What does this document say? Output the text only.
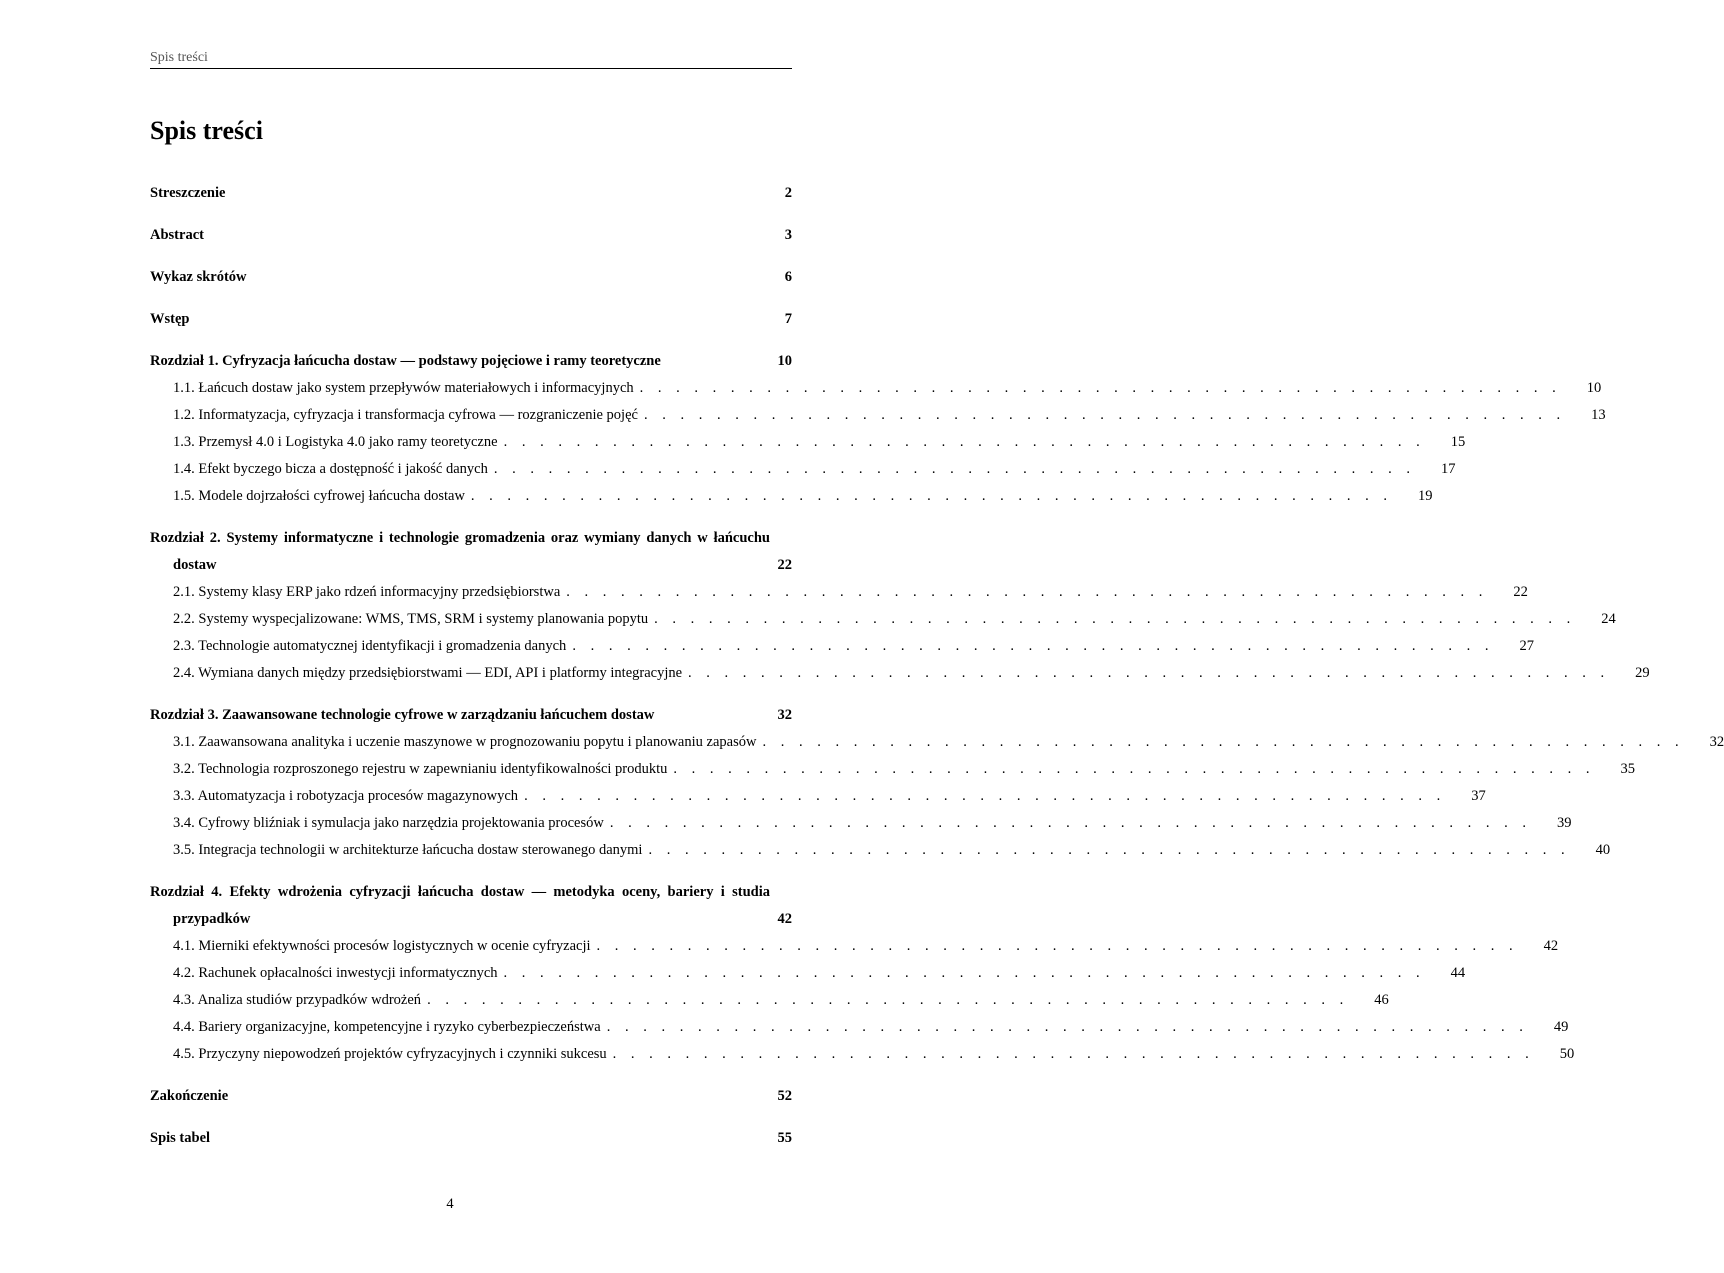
Spis treści
Spis treści
Streszczenie	2
Abstract	3
Wykaz skrótów	6
Wstęp	7
Rozdział 1. Cyfryzacja łańcucha dostaw — podstawy pojęciowe i ramy teoretyczne	10
1.1. Łańcuch dostaw jako system przepływów materiałowych i informacyjnych . . . . . . . . . . . . . . . . . . . . . . . . . . . . . . . . . . . . . . . . . . . . . . . . . . .	10
1.2. Informatyzacja, cyfryzacja i transformacja cyfrowa — rozgraniczenie pojęć . . . . . . . . . . . . . . . . . . . . . . . . . . . . . . . . . . . . . . . . . . . . . . . . . . .	13
1.3. Przemysł 4.0 i Logistyka 4.0 jako ramy teoretyczne . . . . . . . . . . . . . . . . . . . . . . . . . . . . . . . . . . . . . . . . . . . . . . . . . . .	15
1.4. Efekt byczego bicza a dostępność i jakość danych . . . . . . . . . . . . . . . . . . . . . . . . . . . . . . . . . . . . . . . . . . . . . . . . . . .	17
1.5. Modele dojrzałości cyfrowej łańcucha dostaw . . . . . . . . . . . . . . . . . . . . . . . . . . . . . . . . . . . . . . . . . . . . . . . . . . .	19
Rozdział 2. Systemy informatyczne i technologie gromadzenia oraz wymiany danych w łańcuchu
dostaw	22
2.1. Systemy klasy ERP jako rdzeń informacyjny przedsiębiorstwa . . . . . . . . . . . . . . . . . . . . . . . . . . . . . . . . . . . . . . . . . . . . . . . . . . .	22
2.2. Systemy wyspecjalizowane: WMS, TMS, SRM i systemy planowania popytu . . . . . . . . . . . . . . . . . . . . . . . . . . . . . . . . . . . . . . . . . . . . . . . . . . .	24
2.3. Technologie automatycznej identyfikacji i gromadzenia danych . . . . . . . . . . . . . . . . . . . . . . . . . . . . . . . . . . . . . . . . . . . . . . . . . . .	27
2.4. Wymiana danych między przedsiębiorstwami — EDI, API i platformy integracyjne . . . . . . . . . . . . . . . . . . . . . . . . . . . . . . . . . . . . . . . . . . . . . . . . . . .	29
Rozdział 3. Zaawansowane technologie cyfrowe w zarządzaniu łańcuchem dostaw	32
3.1. Zaawansowana analityka i uczenie maszynowe w prognozowaniu popytu i planowaniu zapasów . . . . . . . . . . . . . . . . . . . . . . . . . . . . . . . . . . . . . . . . . . . . . . . . . . .	32
3.2. Technologia rozproszonego rejestru w zapewnianiu identyfikowalności produktu . . . . . . . . . . . . . . . . . . . . . . . . . . . . . . . . . . . . . . . . . . . . . . . . . . .	35
3.3. Automatyzacja i robotyzacja procesów magazynowych . . . . . . . . . . . . . . . . . . . . . . . . . . . . . . . . . . . . . . . . . . . . . . . . . . .	37
3.4. Cyfrowy bliźniak i symulacja jako narzędzia projektowania procesów . . . . . . . . . . . . . . . . . . . . . . . . . . . . . . . . . . . . . . . . . . . . . . . . . . .	39
3.5. Integracja technologii w architekturze łańcucha dostaw sterowanego danymi . . . . . . . . . . . . . . . . . . . . . . . . . . . . . . . . . . . . . . . . . . . . . . . . . . .	40
Rozdział 4. Efekty wdrożenia cyfryzacji łańcucha dostaw — metodyka oceny, bariery i studia
przypadków	42
4.1. Mierniki efektywności procesów logistycznych w ocenie cyfryzacji . . . . . . . . . . . . . . . . . . . . . . . . . . . . . . . . . . . . . . . . . . . . . . . . . . .	42
4.2. Rachunek opłacalności inwestycji informatycznych . . . . . . . . . . . . . . . . . . . . . . . . . . . . . . . . . . . . . . . . . . . . . . . . . . .	44
4.3. Analiza studiów przypadków wdrożeń . . . . . . . . . . . . . . . . . . . . . . . . . . . . . . . . . . . . . . . . . . . . . . . . . . .	46
4.4. Bariery organizacyjne, kompetencyjne i ryzyko cyberbezpieczeństwa . . . . . . . . . . . . . . . . . . . . . . . . . . . . . . . . . . . . . . . . . . . . . . . . . . .	49
4.5. Przyczyny niepowodzeń projektów cyfryzacyjnych i czynniki sukcesu . . . . . . . . . . . . . . . . . . . . . . . . . . . . . . . . . . . . . . . . . . . . . . . . . . .	50
Zakończenie	52
Spis tabel	55
4
